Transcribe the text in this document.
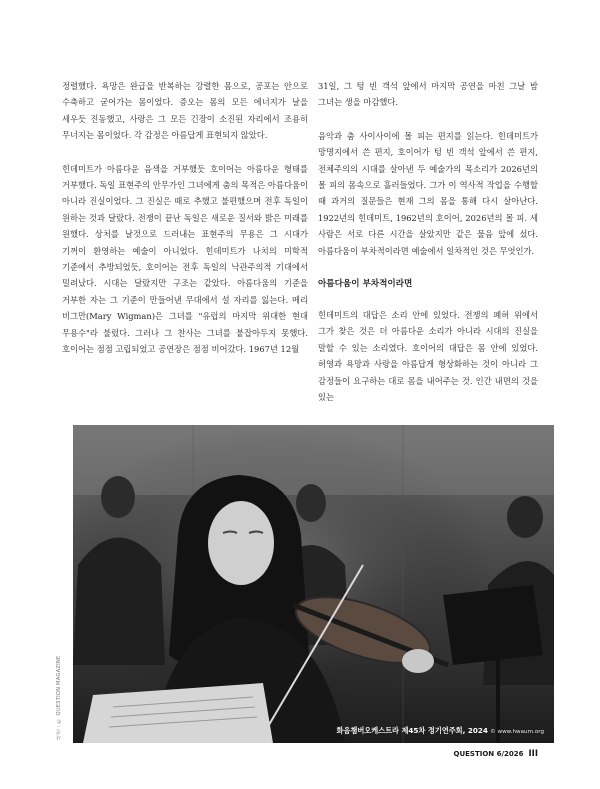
정렬했다. 욕망은 완급을 반복하는 강렬한 몸으로, 공포는 안으로 수축하고 굳어가는 몸이었다. 증오는 몸의 모든 에너지가 날을 세우듯 진동했고, 사랑은 그 모든 긴장이 소진된 자리에서 조용히 무너지는 몸이었다. 각 감정은 아름답게 표현되지 않았다.

힌데미트가 아름다운 음색을 거부했듯 호이어는 아름다운 형태를 거부했다. 독일 표현주의 안무가인 그녀에게 춤의 목적은 아름다움이 아니라 진실이었다. 그 진실은 때로 추했고 불편했으며 전후 독일이 원하는 것과 달랐다. 전쟁이 끝난 독일은 새로운 질서와 밝은 미래를 원했다. 상처를 날것으로 드러내는 표현주의 무용은 그 시대가 기꺼이 환영하는 예술이 아니었다. 힌데미트가 나치의 미학적 기준에서 추방되었듯, 호이어는 전후 독일의 낙관주의적 기대에서 밀려났다. 시대는 달랐지만 구조는 같았다. 아름다움의 기준을 거부한 자는 그 기준이 만들어낸 무대에서 설 자리를 잃는다. 메리 비그만(Mary Wigman)은 그녀를 "유럽의 마지막 위대한 현대 무용수"라 불렀다. 그러나 그 찬사는 그녀를 붙잡아두지 못했다. 호이어는 점점 고립되었고 공연장은 점점 비어갔다. 1967년 12월

31일, 그 텅 빈 객석 앞에서 마지막 공연을 마친 그날 밤 그녀는 생을 마감했다.

음악과 춤 사이사이에 몰 피는 편지를 읽는다. 힌데미트가 망명지에서 쓴 편지, 호이어가 텅 빈 객석 앞에서 쓴 편지, 전체주의의 시대를 살아낸 두 예술가의 목소리가 2026년의 몰 피의 몸속으로 흘러들었다. 그가 이 역사적 작업을 수행할 때 과거의 질문들은 현재 그의 몸을 통해 다시 살아난다. 1922년의 힌데미트, 1962년의 호이어, 2026년의 몰 피. 세 사람은 서로 다른 시간을 살았지만 같은 물음 앞에 섰다. 아름다움이 부차적이라면 예술에서 일차적인 것은 무엇인가.

아름다움이 부차적이라면

힌데미트의 대답은 소리 안에 있었다. 전쟁의 폐허 위에서 그가 찾은 것은 더 아름다운 소리가 아니라 시대의 진실을 말할 수 있는 소리였다. 호이어의 대답은 몸 안에 있었다. 허영과 욕망과 사랑을 아름답게 형상화하는 것이 아니라 그 감정들이 요구하는 대로 몸을 내어주는 것. 인간 내면의 것을 있는

화음챔버오케스트라 제45차 정기연주회, 2024 © www.hwaum.org
사진 : © QUESTION MAGAZINE
QUESTION 6/2026 III
